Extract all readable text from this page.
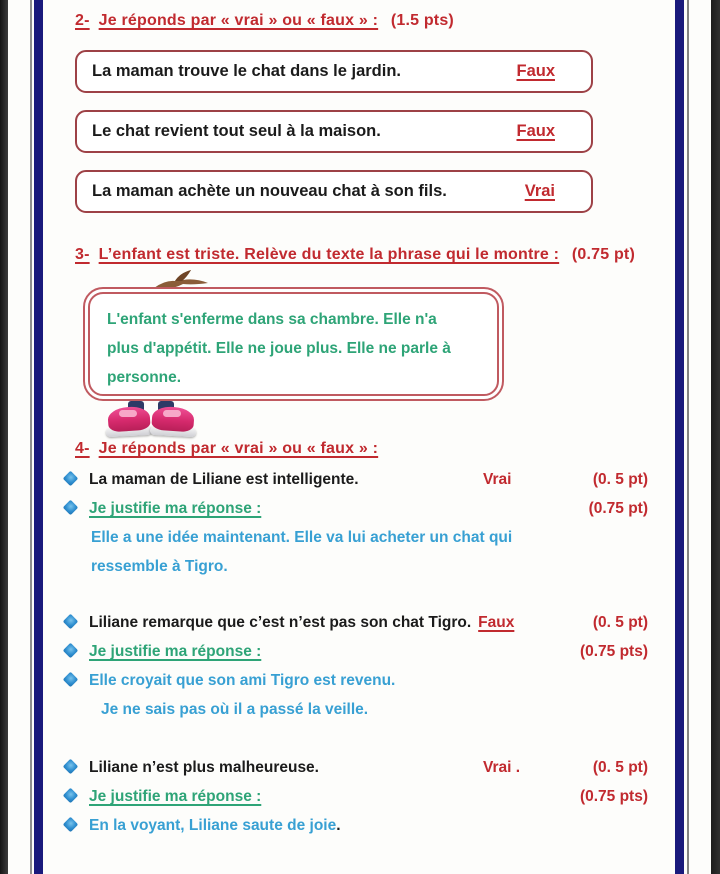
2- Je réponds par « vrai » ou « faux » : (1.5 pts)
La maman trouve le chat dans le jardin.	Faux
Le chat revient tout seul à la maison.	Faux
La maman achète un nouveau chat à son fils.	Vrai
3- L’enfant est triste. Relève du texte la phrase qui le montre : (0.75 pt)
L'enfant s'enferme dans sa chambre. Elle n'a
plus d'appétit. Elle ne joue plus. Elle ne parle à
personne.
4- Je réponds par « vrai » ou « faux » :
La maman de Liliane est intelligente.	Vrai	(0. 5 pt)
Je justifie ma réponse :	(0.75 pt)
Elle a une idée maintenant. Elle va lui acheter un chat qui
ressemble à Tigro.
Liliane remarque que c’est n’est pas son chat Tigro. Faux	(0. 5 pt)
Je justifie ma réponse :	(0.75 pts)
Elle croyait que son ami Tigro est revenu.
Je ne sais pas où il a passé la veille.
Liliane n’est plus malheureuse.	Vrai .	(0. 5 pt)
Je justifie ma réponse :	(0.75 pts)
En la voyant, Liliane saute de joie .
